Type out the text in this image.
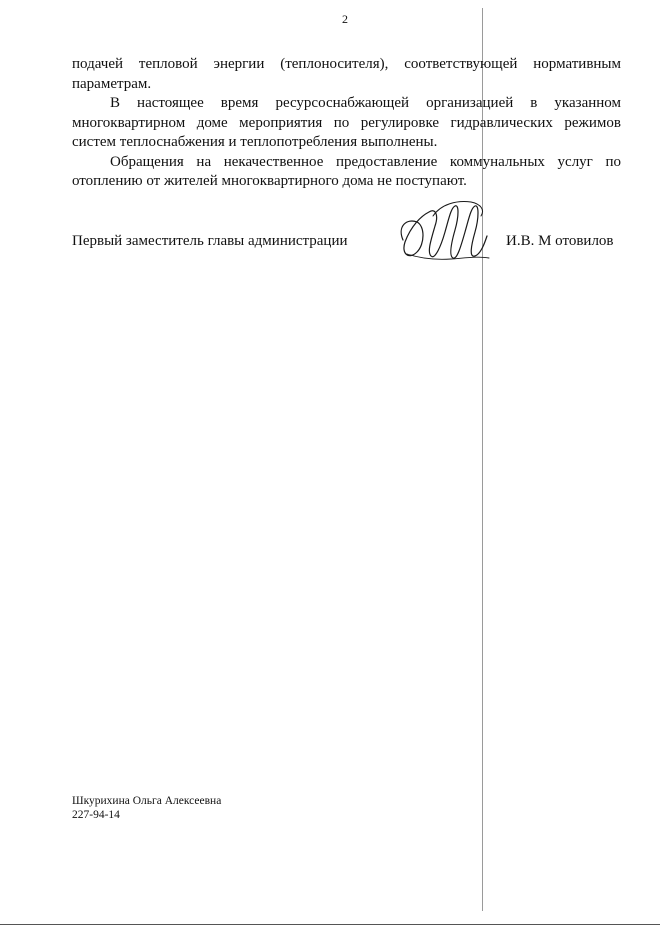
2

подачей тепловой энергии (теплоносителя), соответствующей нормативным параметрам.

В настоящее время ресурсоснабжающей организацией в указанном многоквартирном доме мероприятия по регулировке гидравлических режимов систем теплоснабжения и теплопотребления выполнены.

Обращения на некачественное предоставление коммунальных услуг по отоплению от жителей многоквартирного дома не поступают.

Первый заместитель главы администрации	И.В. М отовилов
Шкурихина Ольга Алексеевна
227-94-14
